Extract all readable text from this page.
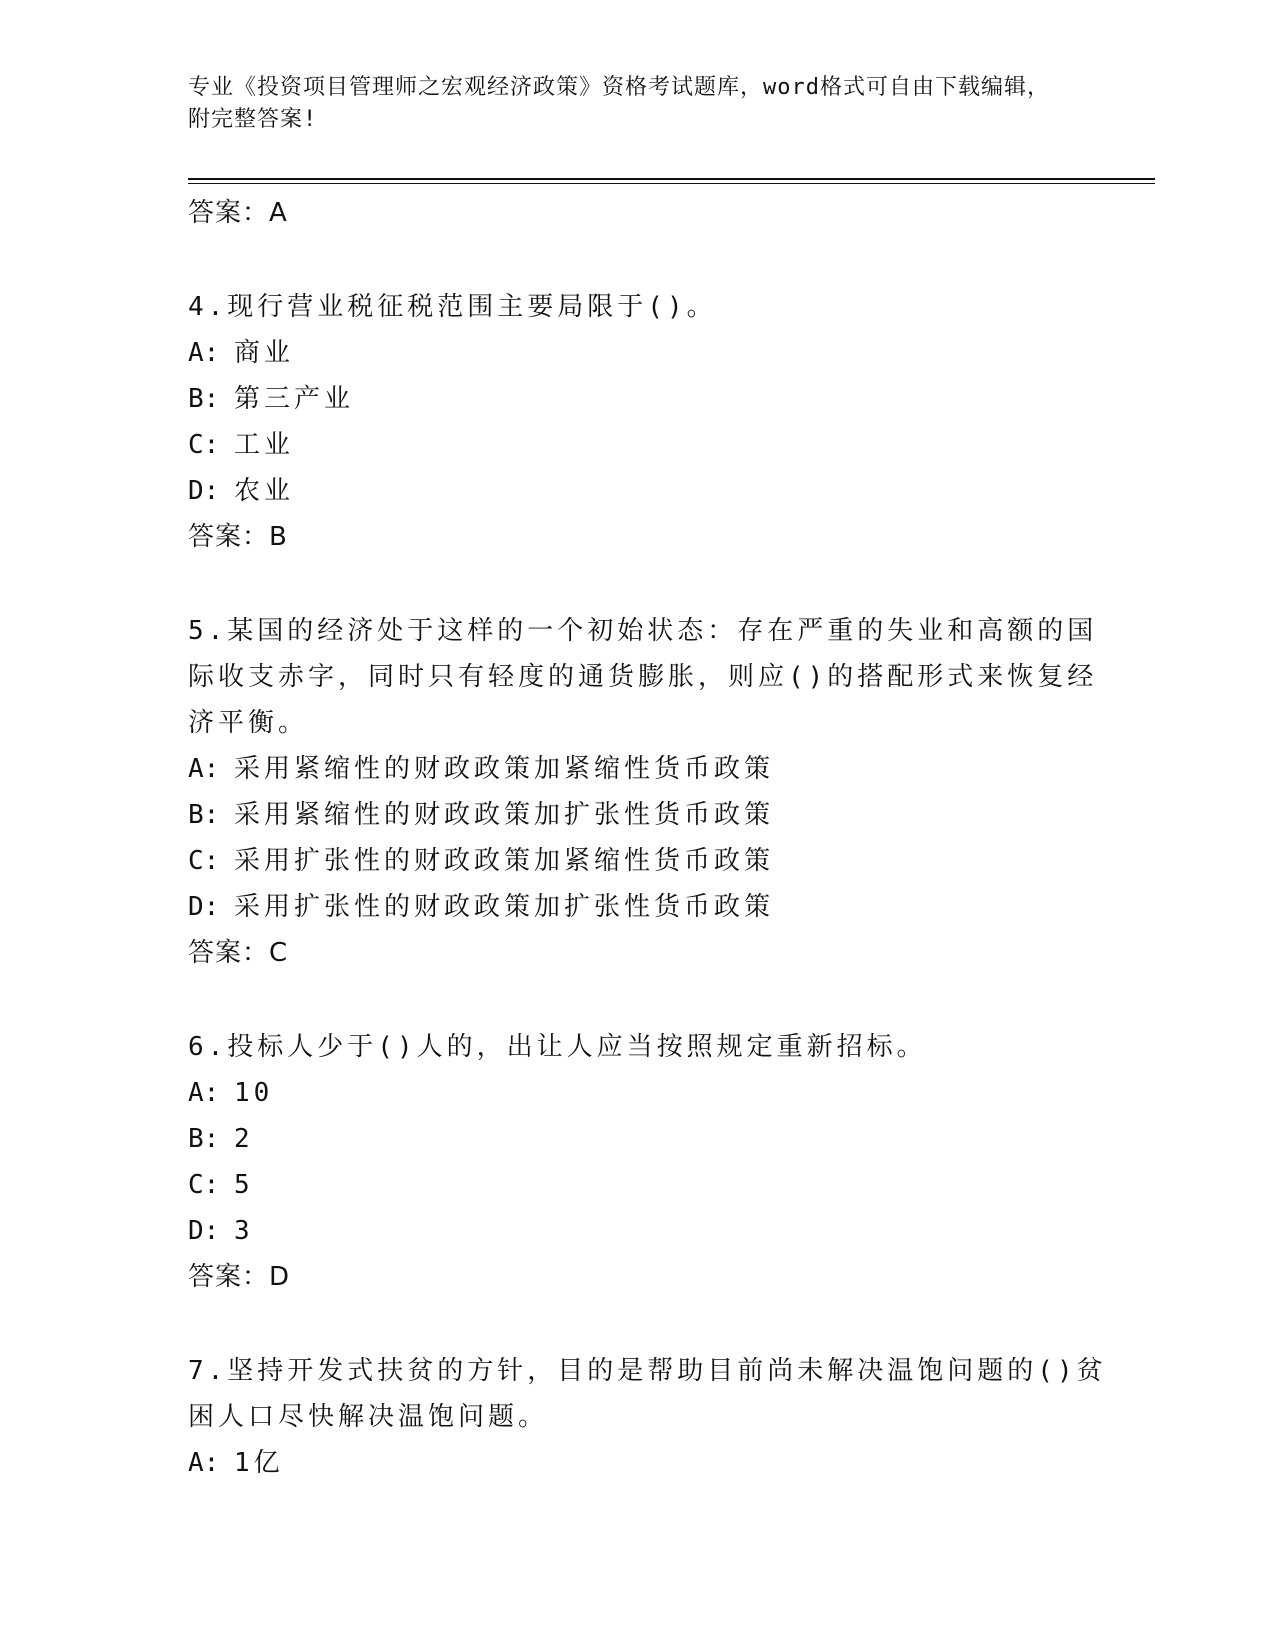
专业《投资项目管理师之宏观经济政策》资格考试题库，word格式可自由下载编辑，附完整答案!
答案：A
4.现行营业税征税范围主要局限于()。
A: 商业
B: 第三产业
C: 工业
D: 农业
答案：B
5.某国的经济处于这样的一个初始状态：存在严重的失业和高额的国际收支赤字，同时只有轻度的通货膨胀，则应()的搭配形式来恢复经济平衡。
A: 采用紧缩性的财政政策加紧缩性货币政策
B: 采用紧缩性的财政政策加扩张性货币政策
C: 采用扩张性的财政政策加紧缩性货币政策
D: 采用扩张性的财政政策加扩张性货币政策
答案：C
6.投标人少于()人的，出让人应当按照规定重新招标。
A: 10
B: 2
C: 5
D: 3
答案：D
7.坚持开发式扶贫的方针，目的是帮助目前尚未解决温饱问题的()贫困人口尽快解决温饱问题。
A: 1亿
